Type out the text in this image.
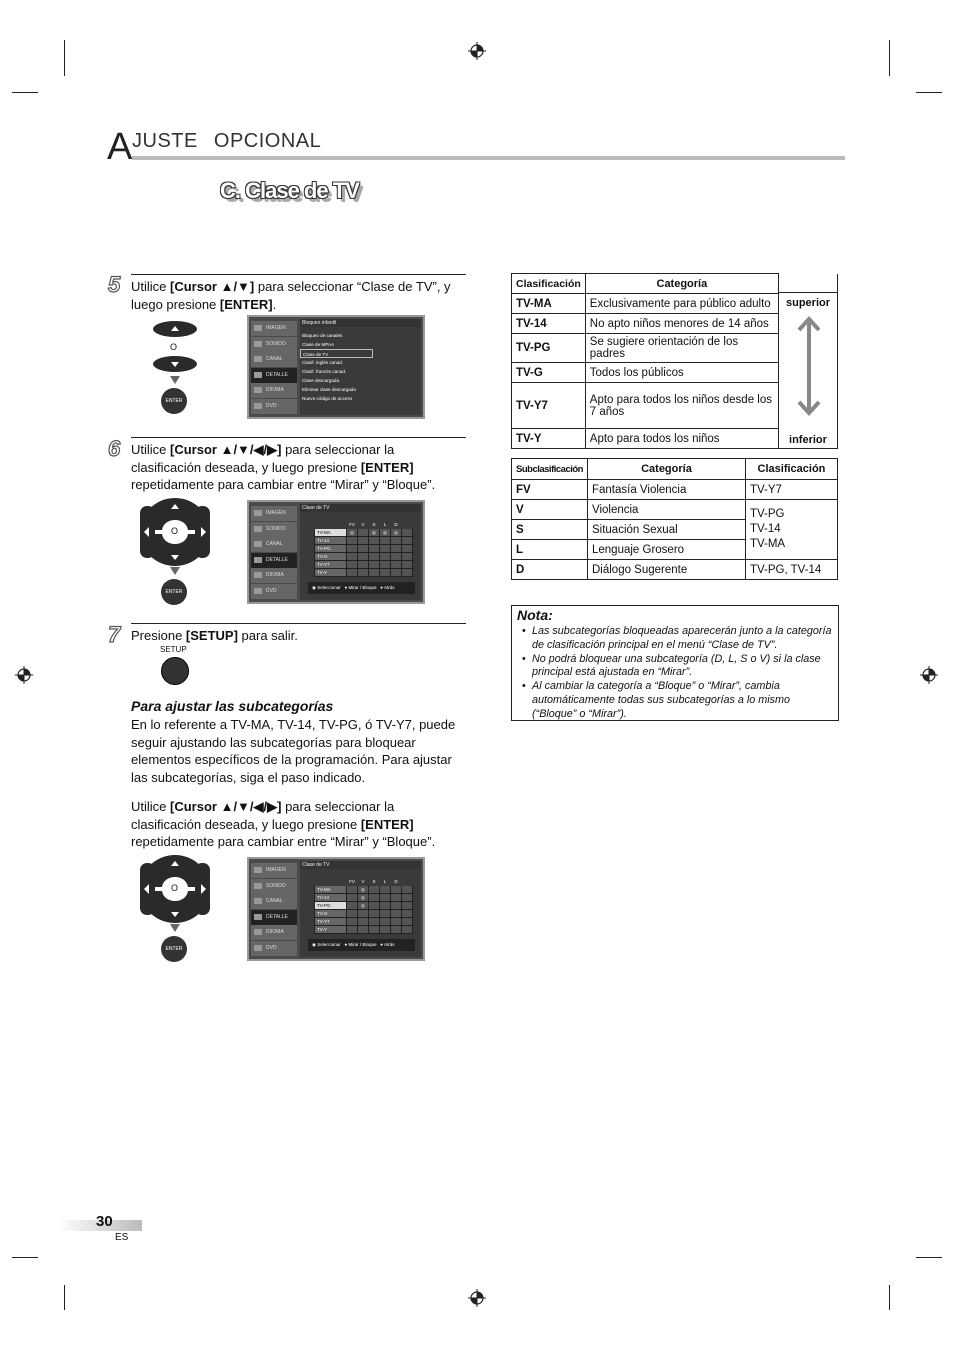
A JUSTE OPCIONAL
C. Clase de TV
5 Utilice [Cursor ▲/▼] para seleccionar “Clase de TV”, y luego presione [ENTER].
O
ENTER
IMAGEN
SONIDO
CANAL
DETALLE
IDIOMA
DVD
Bloqueo infantil
Bloqueo de canales
Clase de MPAA
Clase de TV
Clasif. inglés canad.
Clasif. francés canad.
Clase descargada
Eliminar clase descargada
Nuevo código de acceso
6 Utilice [Cursor ▲/▼/◀/▶] para seleccionar la clasificación deseada, y luego presione [ENTER] repetidamente para cambiar entre “Mirar” y “Bloque”.
O
ENTER
IMAGEN
SONIDO
CANAL
DETALLE
IDIOMA
DVD
Clase de TV
	FV	V	S	L	D	
TV-MA	◎		◎	◎	◎	
TV-14						
TV-PG						
TV-G						
TV-Y7						
TV-Y						
◉ Seleccionar   ● Mirar / Bloque   ● Atrás
7 Presione [SETUP] para salir.
SETUP
Para ajustar las subcategorías
En lo referente a TV-MA, TV-14, TV-PG, ó TV-Y7, puede seguir ajustando las subcategorías para bloquear elementos específicos de la programación. Para ajustar las subcategorías, siga el paso indicado.
Utilice [Cursor ▲/▼/◀/▶] para seleccionar la clasificación deseada, y luego presione [ENTER] repetidamente para cambiar entre “Mirar” y “Bloque”.
O
ENTER
IMAGEN
SONIDO
CANAL
DETALLE
IDIOMA
DVD
Clase de TV
	FV	V	S	L	D	
TV-MA		◎				
TV-14		◎				
TV-PG		◎				
TV-G						
TV-Y7						
TV-Y						
◉ Seleccionar   ● Mirar / Bloque   ● Atrás
Clasificación	Categoría	superior
inferior

TV-MA	Exclusivamente para público adulto	
TV-14	No apto niños menores de 14 años	
TV-PG	Se sugiere orientación de los padres	
TV-G	Todos los públicos	
TV-Y7	Apto para todos los niños desde los 7 años	
TV-Y	Apto para todos los niños	
Subclasificación	Categoría	Clasificación
FV	Fantasía Violencia	TV-Y7
V	Violencia	TV-PG
TV-14
TV-MA

S	Situación Sexual	
L	Lenguaje Grosero	
D	Diálogo Sugerente	TV-PG, TV-14
Nota:
• Las subcategorías bloqueadas aparecerán junto a la categoría de clasificación principal en el menú “Clase de TV”.
• No podrá bloquear una subcategoría (D, L, S o V) si la clase principal está ajustada en “Mirar”.
• Al cambiar la categoría a “Bloque” o “Mirar”, cambia automáticamente todas sus subcategorías a lo mismo (“Bloque” o “Mirar”).
30
ES
